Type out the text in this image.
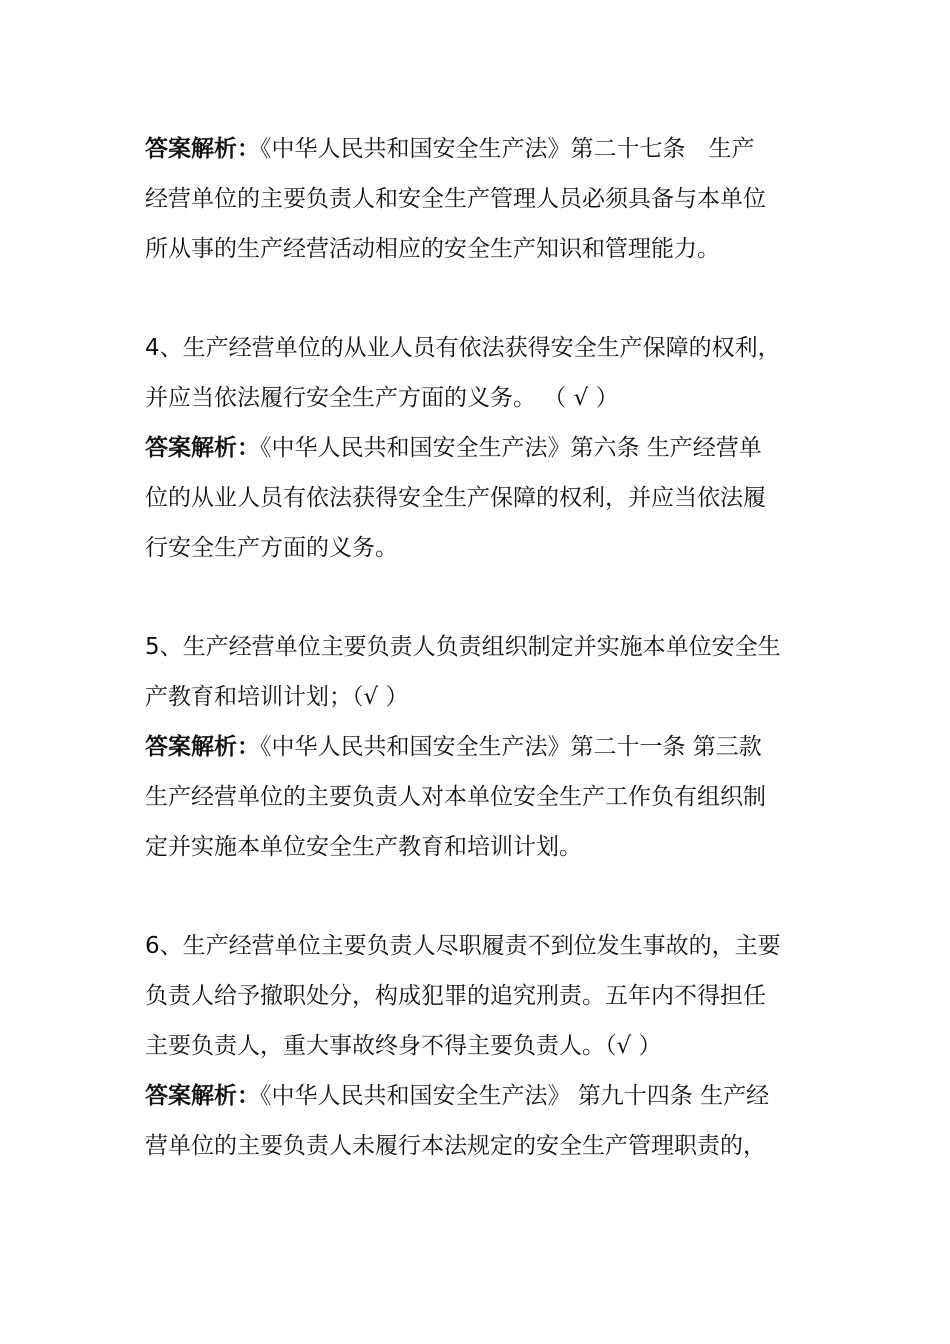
答案解析：《中华人民共和国安全生产法》第二十七条　生产
经营单位的主要负责人和安全生产管理人员必须具备与本单位
所从事的生产经营活动相应的安全生产知识和管理能力。
4、生产经营单位的从业人员有依法获得安全生产保障的权利，
并应当依法履行安全生产方面的义务。 （ √ ）
答案解析：《中华人民共和国安全生产法》第六条 生产经营单
位的从业人员有依法获得安全生产保障的权利，并应当依法履
行安全生产方面的义务。
5、生产经营单位主要负责人负责组织制定并实施本单位安全生
产教育和培训计划；（√ ）
答案解析：《中华人民共和国安全生产法》第二十一条 第三款
生产经营单位的主要负责人对本单位安全生产工作负有组织制
定并实施本单位安全生产教育和培训计划。
6、生产经营单位主要负责人尽职履责不到位发生事故的，主要
负责人给予撤职处分，构成犯罪的追究刑责。五年内不得担任
主要负责人，重大事故终身不得主要负责人。（√ ）
答案解析：《中华人民共和国安全生产法》 第九十四条 生产经
营单位的主要负责人未履行本法规定的安全生产管理职责的，
